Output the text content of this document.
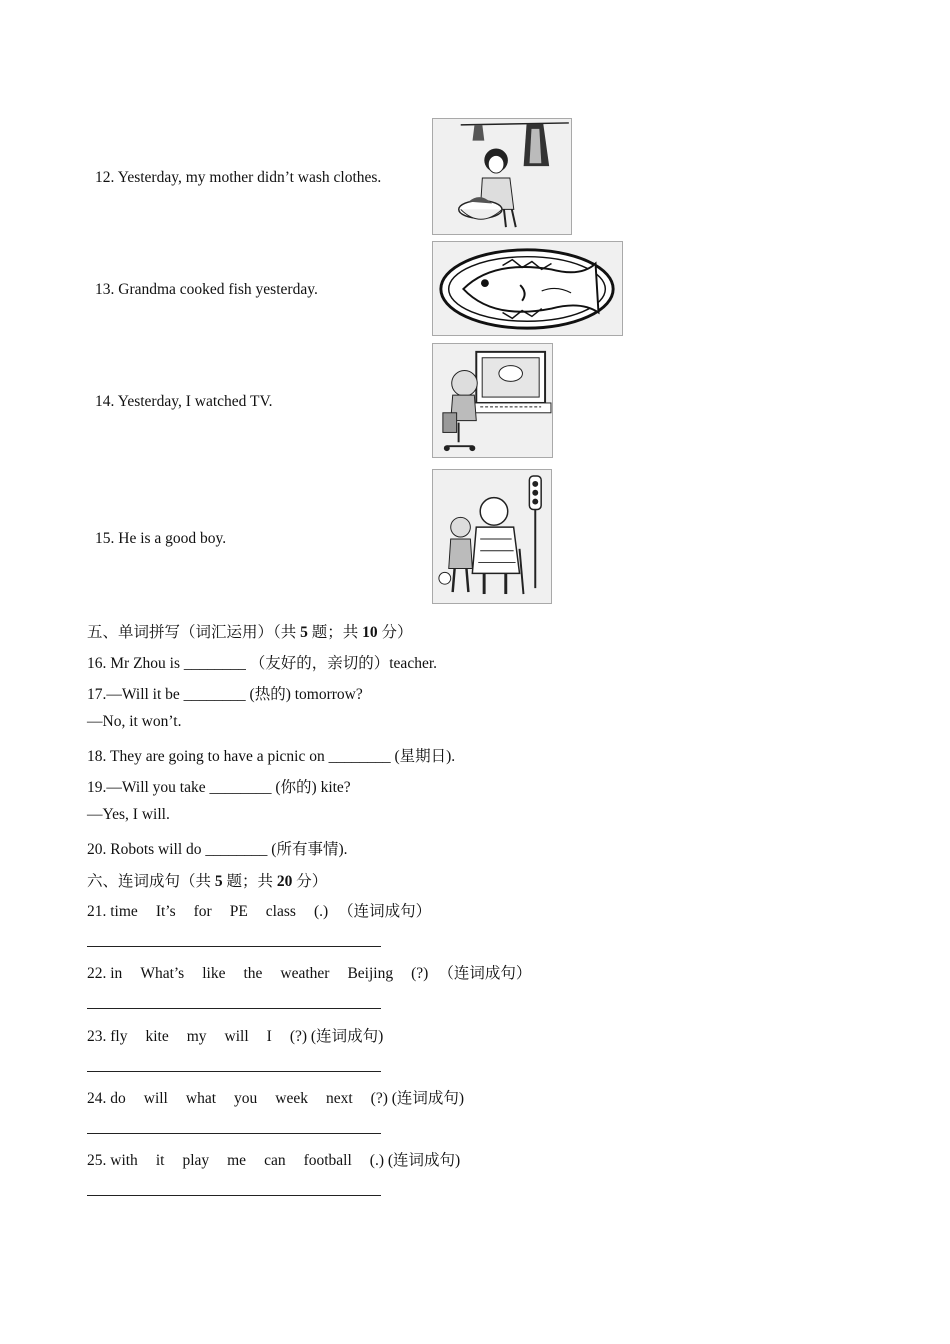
12. Yesterday, my mother didn’t wash clothes.
13. Grandma cooked fish yesterday.
14. Yesterday, I watched TV.
15. He is a good boy.
五、单词拼写（词汇运用）（共 5 题；共 10 分）
16. Mr Zhou is ________ （友好的，亲切的）teacher.
17.—Will it be ________ (热的) tomorrow?
—No, it won’t.
18. They are going to have a picnic on ________ (星期日).
19.—Will you take ________ (你的) kite?
—Yes, I will.
20. Robots will do ________ (所有事情).
六、连词成句（共 5 题；共 20 分）
21. time It’s for PE class (.) （连词成句）
22. in What’s like the weather Beijing (?) （连词成句）
23. fly kite my will I (?) (连词成句)
24. do will what you week next (?) (连词成句)
25. with it play me can football (.) (连词成句)
